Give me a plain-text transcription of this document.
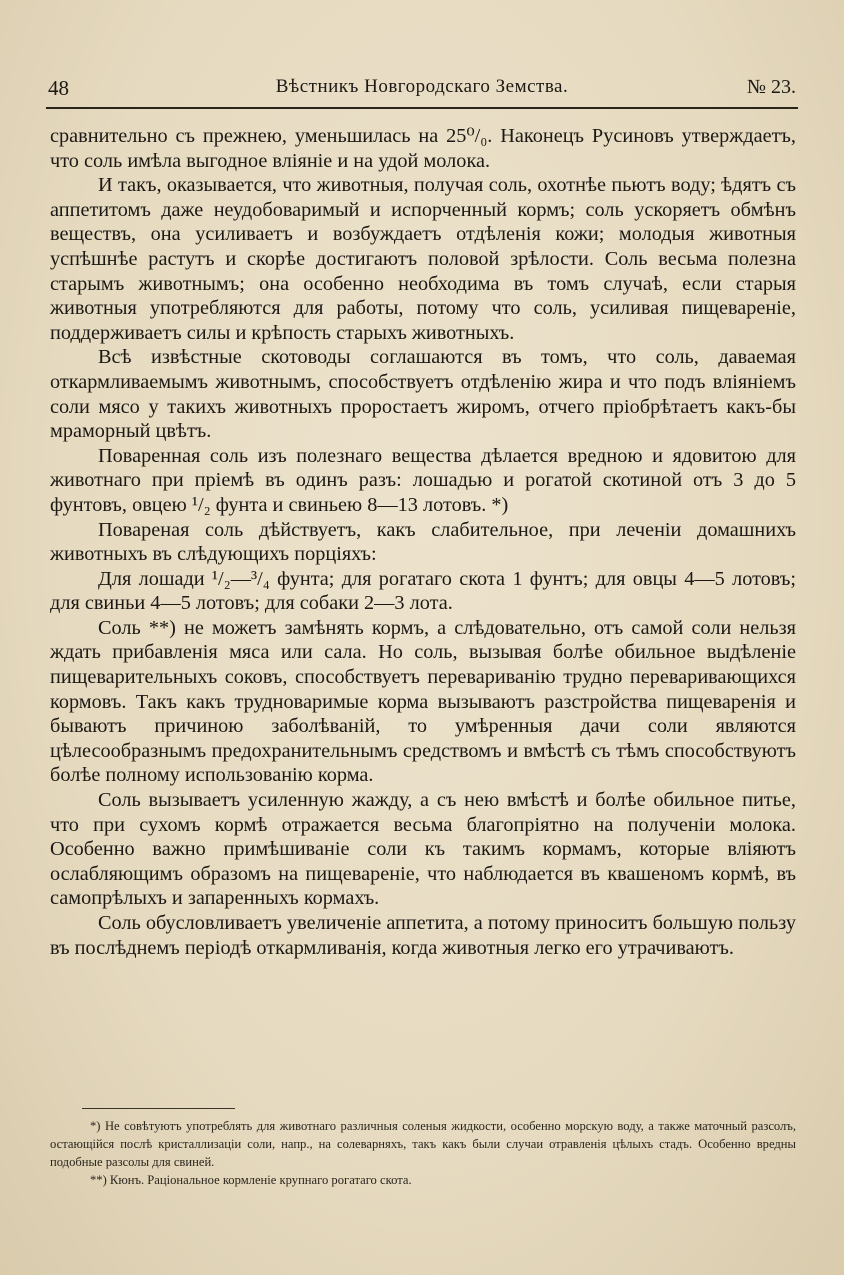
48	Вѣстникъ Новгородскаго Земства.	№ 23.

сравнительно съ прежнею, уменьшилась на 25⁰/₀. Наконецъ Русиновъ утверждаетъ, что соль имѣла выгодное вліяніе и на удой молока.

И такъ, оказывается, что животныя, получая соль, охотнѣе пьютъ воду; ѣдятъ съ аппетитомъ даже неудобоваримый и испорченный кормъ; соль ускоряетъ обмѣнъ веществъ, она усиливаетъ и возбуждаетъ отдѣленія кожи; молодыя животныя успѣшнѣе растутъ и скорѣе достигаютъ половой зрѣлости. Соль весьма полезна старымъ животнымъ; она особенно необходима въ томъ случаѣ, если старыя животныя употребляются для работы, потому что соль, усиливая пищевареніе, поддерживаетъ силы и крѣпость старыхъ животныхъ.

Всѣ извѣстные скотоводы соглашаются въ томъ, что соль, даваемая откармливаемымъ животнымъ, способствуетъ отдѣленію жира и что подъ вліяніемъ соли мясо у такихъ животныхъ проростаетъ жиромъ, отчего пріобрѣтаетъ какъ-бы мраморный цвѣтъ.

Поваренная соль изъ полезнаго вещества дѣлается вредною и ядовитою для животнаго при пріемѣ въ одинъ разъ: лошадью и рогатой скотиной отъ 3 до 5 фунтовъ, овцею ¹/₂ фунта и свиньею 8—13 лотовъ. *)

Повареная соль дѣйствуетъ, какъ слабительное, при леченіи домашнихъ животныхъ въ слѣдующихъ порціяхъ:

Для лошади ¹/₂—³/₄ фунта; для рогатаго скота 1 фунтъ; для овцы 4—5 лотовъ; для свиньи 4—5 лотовъ; для собаки 2—3 лота.

Соль **) не можетъ замѣнять кормъ, а слѣдовательно, отъ самой соли нельзя ждать прибавленія мяса или сала. Но соль, вызывая болѣе обильное выдѣленіе пищеварительныхъ соковъ, способствуетъ перевариванію трудно переваривающихся кормовъ. Такъ какъ трудноваримые корма вызываютъ разстройства пищеваренія и бываютъ причиною заболѣваній, то умѣренныя дачи соли являются цѣлесообразнымъ предохранительнымъ средствомъ и вмѣстѣ съ тѣмъ способствуютъ болѣе полному использованію корма.

Соль вызываетъ усиленную жажду, а съ нею вмѣстѣ и болѣе обильное питье, что при сухомъ кормѣ отражается весьма благопріятно на полученіи молока. Особенно важно примѣшиваніе соли къ такимъ кормамъ, которые вліяютъ ослабляющимъ образомъ на пищевареніе, что наблюдается въ квашеномъ кормѣ, въ самопрѣлыхъ и запаренныхъ кормахъ.

Соль обусловливаетъ увеличеніе аппетита, а потому приноситъ большую пользу въ послѣднемъ періодѣ откармливанія, когда животныя легко его утрачиваютъ.

*) Не совѣтуютъ употреблять для животнаго различныя соленыя жидкости, особенно морскую воду, а также маточный разсолъ, остающійся послѣ кристаллизаціи соли, напр., на солеварняхъ, такъ какъ были случаи отравленія цѣлыхъ стадъ. Особенно вредны подобные разсолы для свиней.

**) Кюнъ. Раціональное кормленіе крупнаго рогатаго скота.
